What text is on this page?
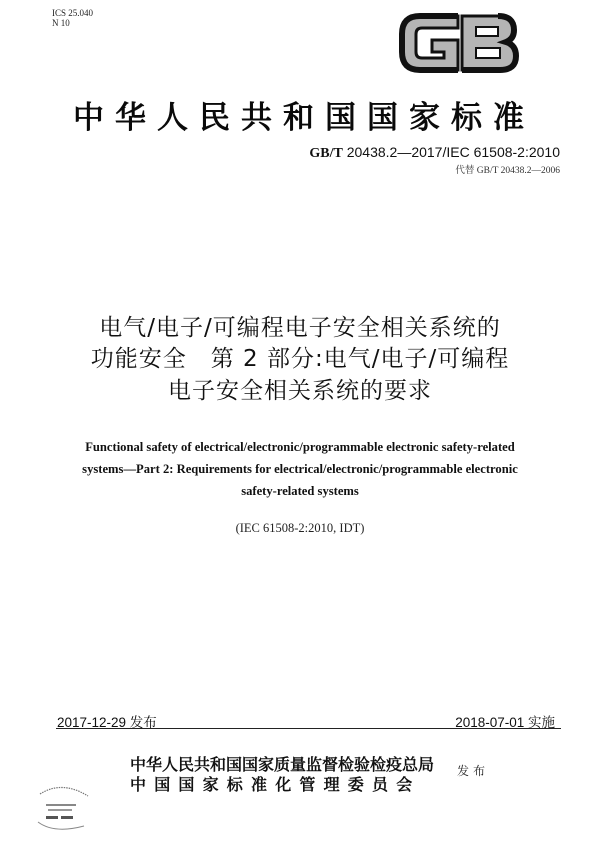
ICS 25.040
N 10
中华人民共和国国家标准
GB/T 20438.2—2017/IEC 61508-2:2010
代替 GB/T 20438.2—2006
电气/电子/可编程电子安全相关系统的
功能安全　第 2 部分:电气/电子/可编程
电子安全相关系统的要求
Functional safety of electrical/electronic/programmable electronic safety-related
systems—Part 2: Requirements for electrical/electronic/programmable electronic
safety-related systems
(IEC 61508-2:2010, IDT)
2017-12-29 发布	2018-07-01 实施
中华人民共和国国家质量监督检验检疫总局
中国国家标准化管理委员会
发布
